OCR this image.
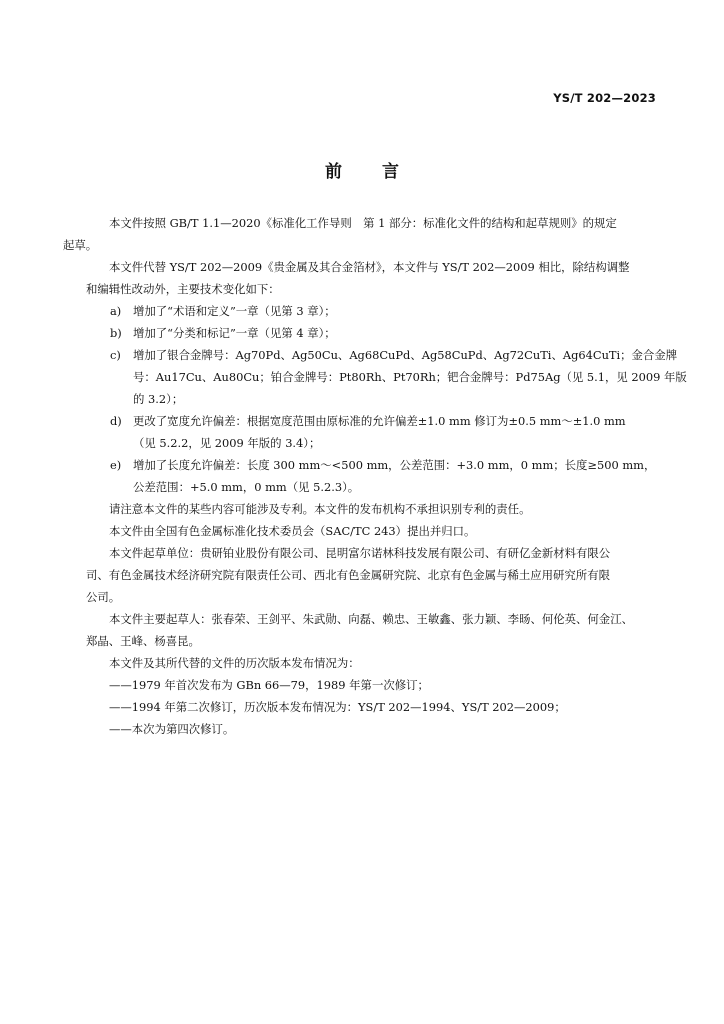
YS/T 202—2023
前 言

本文件按照 GB/T 1.1—2020《标准化工作导则　第 1 部分：标准化文件的结构和起草规则》的规定
起草。

本文件代替 YS/T 202—2009《贵金属及其合金箔材》，本文件与 YS/T 202—2009 相比，除结构调整
和编辑性改动外，主要技术变化如下：

a) 增加了“术语和定义”一章（见第 3 章）；
b) 增加了“分类和标记”一章（见第 4 章）；
c) 增加了银合金牌号：Ag70Pd、Ag50Cu、Ag68CuPd、Ag58CuPd、Ag72CuTi、Ag64CuTi；金合金牌
号：Au17Cu、Au80Cu；铂合金牌号：Pt80Rh、Pt70Rh；钯合金牌号：Pd75Ag（见 5.1，见 2009 年版
的 3.2）；
d) 更改了宽度允许偏差：根据宽度范围由原标准的允许偏差±1.0 mm 修订为±0.5 mm～±1.0 mm
（见 5.2.2，见 2009 年版的 3.4）；
e) 增加了长度允许偏差：长度 300 mm～<500 mm，公差范围：+3.0 mm，0 mm；长度≥500 mm，
公差范围：+5.0 mm，0 mm（见 5.2.3）。

请注意本文件的某些内容可能涉及专利。本文件的发布机构不承担识别专利的责任。

本文件由全国有色金属标准化技术委员会（SAC/TC 243）提出并归口。

本文件起草单位：贵研铂业股份有限公司、昆明富尔诺林科技发展有限公司、有研亿金新材料有限公
司、有色金属技术经济研究院有限责任公司、西北有色金属研究院、北京有色金属与稀土应用研究所有限
公司。

本文件主要起草人：张春荣、王剑平、朱武勋、向磊、赖忠、王敏鑫、张力颖、李旸、何伦英、何金江、
郑晶、王峰、杨喜昆。

本文件及其所代替的文件的历次版本发布情况为：

——1979 年首次发布为 GBn 66—79，1989 年第一次修订；

——1994 年第二次修订，历次版本发布情况为：YS/T 202—1994、YS/T 202—2009；

——本次为第四次修订。
